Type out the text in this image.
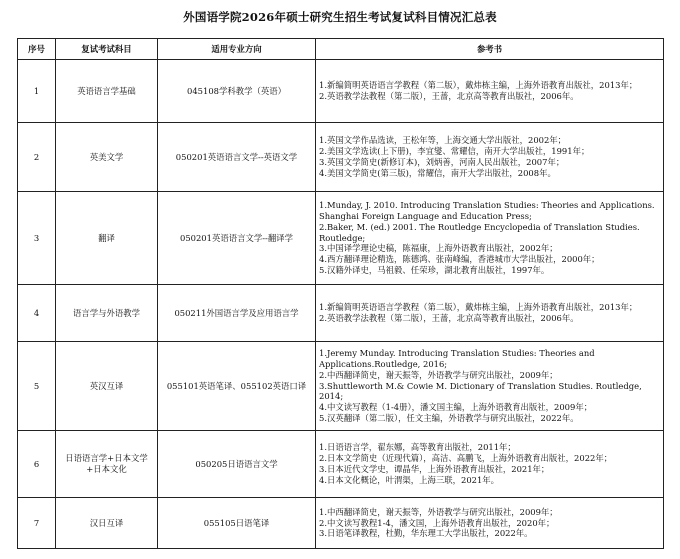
外国语学院2026年硕士研究生招生考试复试科目情况汇总表
序号	复试考试科目	适用专业方向	参考书
1	英语语言学基础	045108学科教学（英语）	1.新编简明英语语言学教程（第二版），戴炜栋主编，上海外语教育出版社，2013年；
2.英语教学法教程（第二版），王蔷，北京高等教育出版社，2006年。

2	英美文学	050201英语语言文学--英语文学	1.英国文学作品选读，王松年等，上海交通大学出版社，2002年；
2.美国文学选读(上下册)，李宜燮、常耀信，南开大学出版社，1991年；
3.英国文学简史(新修订本)，刘炳善，河南人民出版社，2007年；
4.美国文学简史(第三版)，常耀信，南开大学出版社，2008年。

3	翻译	050201英语语言文学--翻译学	1.Munday, J. 2010. Introducing Translation Studies: Theories and Applications. Shanghai Foreign Language and Education Press;
2.Baker, M. (ed.) 2001. The Routledge Encyclopedia of Translation Studies. Routledge;
3.中国译学理论史稿，陈福康，上海外语教育出版社，2002年；
4.西方翻译理论精选，陈德鸿、张南峰编，香港城市大学出版社，2000年；
5.汉籍外译史，马祖毅、任荣珍，湖北教育出版社，1997年。

4	语言学与外语教学	050211外国语言学及应用语言学	1.新编简明英语语言学教程（第二版），戴炜栋主编，上海外语教育出版社，2013年；
2.英语教学法教程（第二版），王蔷，北京高等教育出版社，2006年。

5	英汉互译	055101英语笔译、055102英语口译	1.Jeremy Munday. Introducing Translation Studies: Theories and Applications.Routledge, 2016;
2.中西翻译简史，谢天振等，外语教学与研究出版社，2009年；
3.Shuttleworth M.& Cowie M. Dictionary of Translation Studies. Routledge, 2014;
4.中文读写教程（1-4册），潘文国主编，上海外语教育出版社，2009年；
5.汉英翻译（第二版），任文主编，外语教学与研究出版社，2022年。

6	日语语言学+日本文学+日本文化	050205日语语言文学	1.日语语言学，翟东娜，高等教育出版社，2011年；
2.日本文学简史（近现代篇），高洁、高鹏飞，上海外语教育出版社，2022年；
3.日本近代文学史，谭晶华，上海外语教育出版社，2021年；
4.日本文化概论，叶渭渠，上海三联，2021年。

7	汉日互译	055105日语笔译	1.中西翻译简史，谢天振等，外语教学与研究出版社，2009年；
2.中文读写教程1-4，潘文国，上海外语教育出版社，2020年；
3.日语笔译教程，杜勤，华东理工大学出版社，2022年。
